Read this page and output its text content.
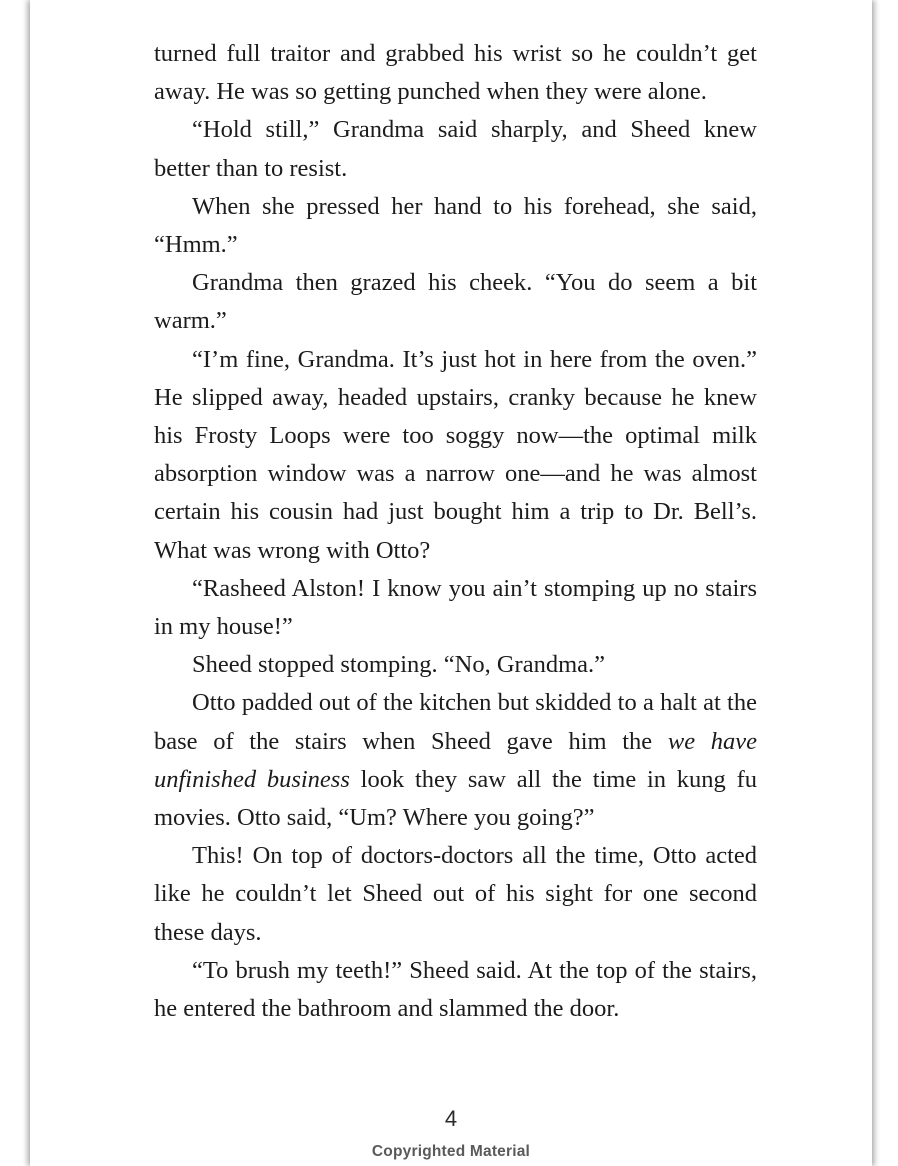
turned full traitor and grabbed his wrist so he couldn’t get away. He was so getting punched when they were alone.

“Hold still,” Grandma said sharply, and Sheed knew better than to resist.

When she pressed her hand to his forehead, she said, “Hmm.”

Grandma then grazed his cheek. “You do seem a bit warm.”

“I’m fine, Grandma. It’s just hot in here from the oven.” He slipped away, headed upstairs, cranky because he knew his Frosty Loops were too soggy now—the optimal milk absorption window was a narrow one—and he was almost certain his cousin had just bought him a trip to Dr. Bell’s. What was wrong with Otto?

“Rasheed Alston! I know you ain’t stomping up no stairs in my house!”

Sheed stopped stomping. “No, Grandma.”

Otto padded out of the kitchen but skidded to a halt at the base of the stairs when Sheed gave him the we have unfinished business look they saw all the time in kung fu movies. Otto said, “Um? Where you going?”

This! On top of doctors-doctors all the time, Otto acted like he couldn’t let Sheed out of his sight for one second these days.

“To brush my teeth!” Sheed said. At the top of the stairs, he entered the bathroom and slammed the door.

4
Copyrighted Material
